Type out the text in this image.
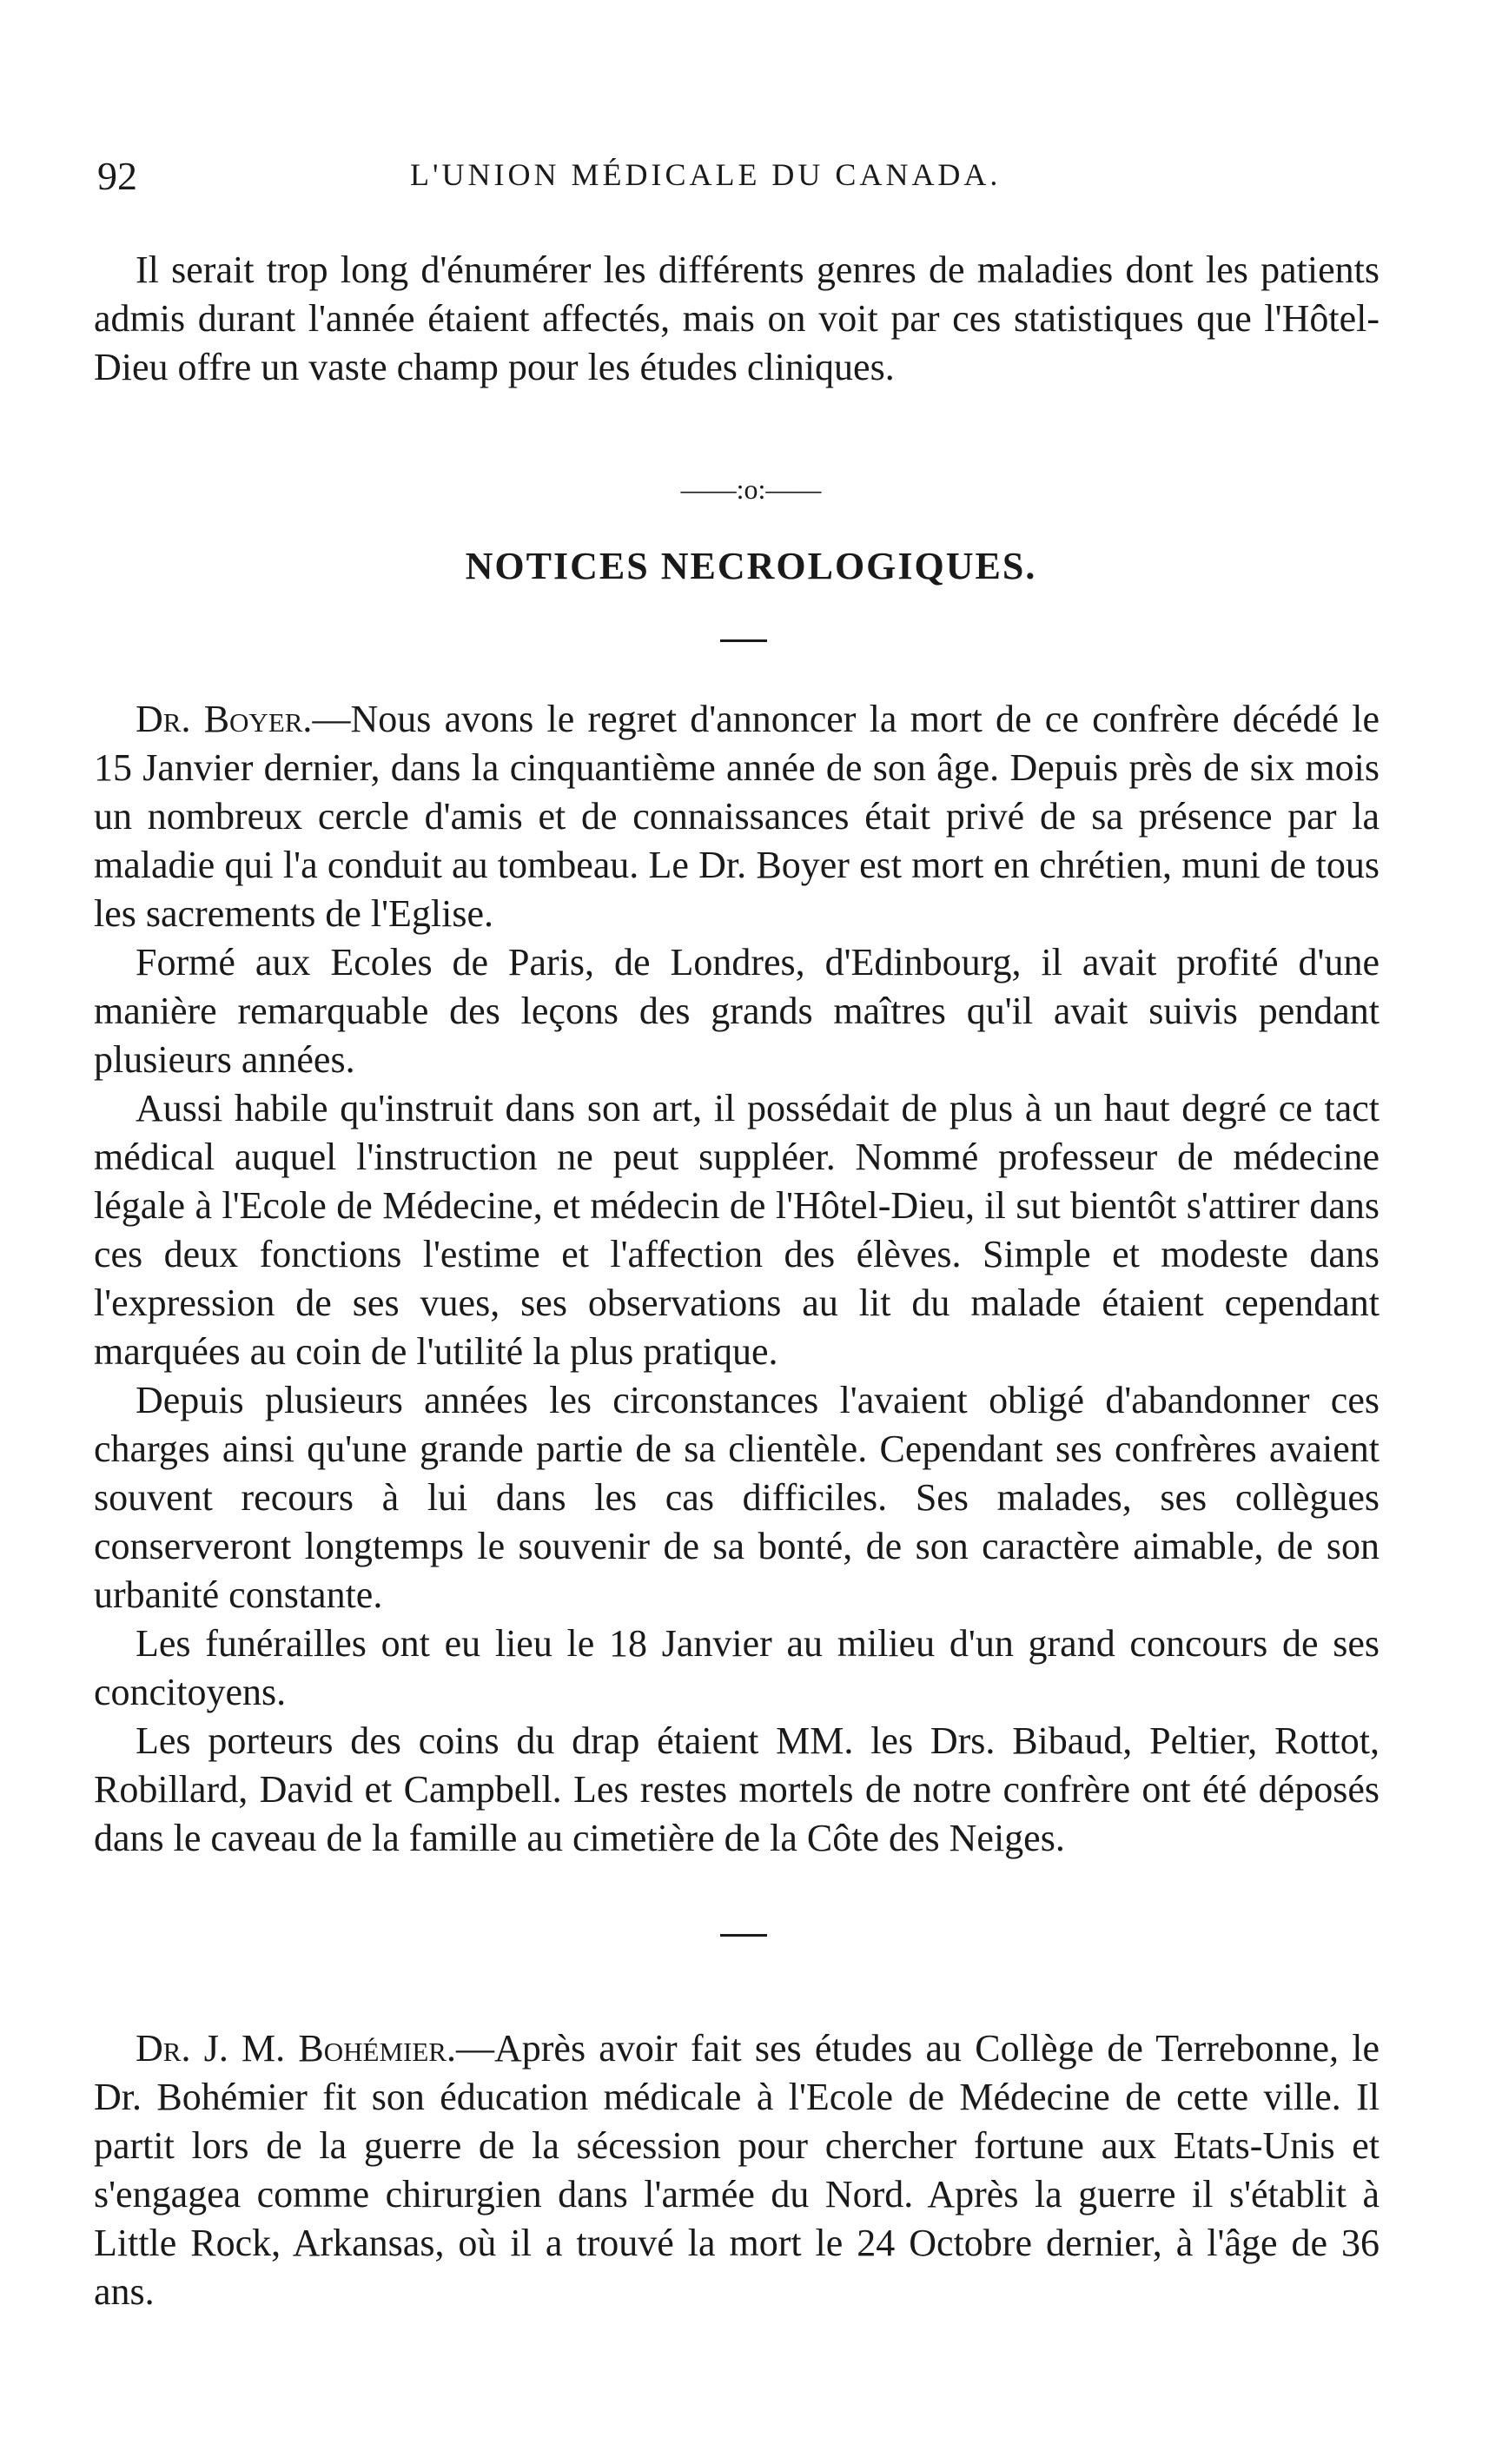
92	L'UNION MÉDICALE DU CANADA.

Il serait trop long d'énumérer les différents genres de maladies dont les patients admis durant l'année étaient affectés, mais on voit par ces statistiques que l'Hôtel-Dieu offre un vaste champ pour les études cliniques.

——:o:——
NOTICES NECROLOGIQUES.

Dr. Boyer.—Nous avons le regret d'annoncer la mort de ce confrère décédé le 15 Janvier dernier, dans la cinquantième année de son âge. Depuis près de six mois un nombreux cercle d'amis et de connaissances était privé de sa présence par la maladie qui l'a conduit au tombeau. Le Dr. Boyer est mort en chrétien, muni de tous les sacrements de l'Eglise.

Formé aux Ecoles de Paris, de Londres, d'Edinbourg, il avait profité d'une manière remarquable des leçons des grands maîtres qu'il avait suivis pendant plusieurs années.

Aussi habile qu'instruit dans son art, il possédait de plus à un haut degré ce tact médical auquel l'instruction ne peut suppléer. Nommé professeur de médecine légale à l'Ecole de Médecine, et médecin de l'Hôtel-Dieu, il sut bientôt s'attirer dans ces deux fonctions l'estime et l'affection des élèves. Simple et modeste dans l'expression de ses vues, ses observations au lit du malade étaient cependant marquées au coin de l'utilité la plus pratique.

Depuis plusieurs années les circonstances l'avaient obligé d'abandonner ces charges ainsi qu'une grande partie de sa clientèle. Cependant ses confrères avaient souvent recours à lui dans les cas difficiles. Ses malades, ses collègues conserveront longtemps le souvenir de sa bonté, de son caractère aimable, de son urbanité constante.

Les funérailles ont eu lieu le 18 Janvier au milieu d'un grand concours de ses concitoyens.

Les porteurs des coins du drap étaient MM. les Drs. Bibaud, Peltier, Rottot, Robillard, David et Campbell. Les restes mortels de notre confrère ont été déposés dans le caveau de la famille au cimetière de la Côte des Neiges.

Dr. J. M. Bohémier.—Après avoir fait ses études au Collège de Terrebonne, le Dr. Bohémier fit son éducation médicale à l'Ecole de Médecine de cette ville. Il partit lors de la guerre de la sécession pour chercher fortune aux Etats-Unis et s'engagea comme chirurgien dans l'armée du Nord. Après la guerre il s'établit à Little Rock, Arkansas, où il a trouvé la mort le 24 Octobre dernier, à l'âge de 36 ans.
